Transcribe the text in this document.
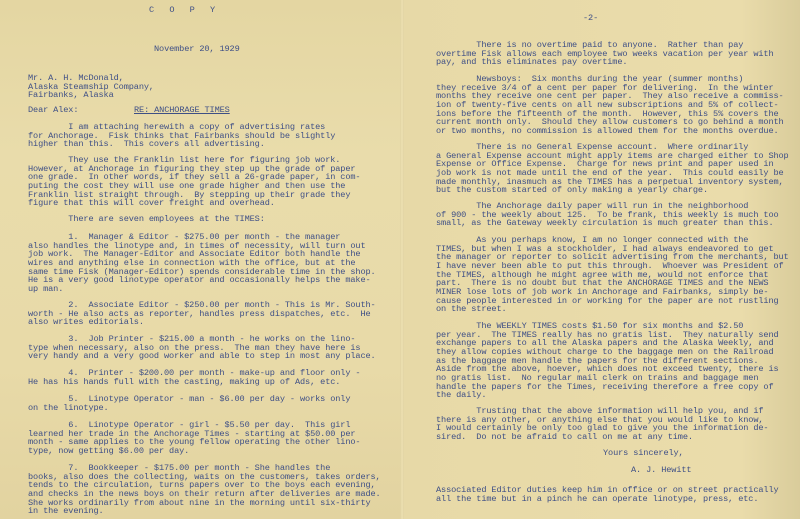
C O P Y
November 20, 1929
Mr. A. H. McDonald,
Alaska Steamship Company,
Fairbanks, Alaska
Dear Alex:	RE: ANCHORAGE TIMES
I am attaching herewith a copy of advertising rates
for Anchorage.  Fisk thinks that Fairbanks should be slightly
higher than this.  This covers all advertising.
They use the Franklin list here for figuring job work.
However, at Anchorage in figuring they step up the grade of paper
one grade.  In other words, if they sell a 26-grade paper, in com-
puting the cost they will use one grade higher and then use the
Franklin list straight through.  By stepping up their grade they
figure that this will cover freight and overhead.
There are seven employees at the TIMES:
1.  Manager & Editor - $275.00 per month - the manager
also handles the linotype and, in times of necessity, will turn out
job work.  The Manager-Editor and Associate Editor both handle the
wires and anything else in connection with the office, but at the
same time Fisk (Manager-Editor) spends considerable time in the shop.
He is a very good linotype operator and occasionally helps the make-
up man.
2.  Associate Editor - $250.00 per month - This is Mr. South-
worth - He also acts as reporter, handles press dispatches, etc.  He
also writes editorials.
3.  Job Printer - $215.00 a month - he works on the lino-
type when necessary, also on the press.  The man they have here is
very handy and a very good worker and able to step in most any place.
4.  Printer - $200.00 per month - make-up and floor only -
He has his hands full with the casting, making up of Ads, etc.
5.  Linotype Operator - man - $6.00 per day - works only
on the linotype.
6.  Linotype Operator - girl - $5.50 per day.  This girl
learned her trade in the Anchorage Times - starting at $50.00 per
month - same applies to the young fellow operating the other lino-
type, now getting $6.00 per day.
7.  Bookkeeper - $175.00 per month - She handles the
books, also does the collecting, waits on the customers, takes orders,
tends to the circulation, turns papers over to the boys each evening,
and checks in the news boys on their return after deliveries are made.
She works ordinarily from about nine in the morning until six-thirty
in the evening.
-2-
There is no overtime paid to anyone.  Rather than pay
overtime Fisk allows each employee two weeks vacation per year with
pay, and this eliminates pay overtime.
Newsboys:  Six months during the year (summer months)
they receive 3/4 of a cent per paper for delivering.  In the winter
months they receive one cent per paper.  They also receive a commiss-
ion of twenty-five cents on all new subscriptions and 5% of collect-
ions before the fifteenth of the month.  However, this 5% covers the
current month only.  Should they allow customers to go behind a month
or two months, no commission is allowed them for the months overdue.
There is no General Expense account.  Where ordinarily
a General Expense account might apply items are charged either to Shop
Expense or Office Expense.  Charge for news print and paper used in
job work is not made until the end of the year.  This could easily be
made monthly, inasmuch as the TIMES has a perpetual inventory system,
but the custom started of only making a yearly charge.
The Anchorage daily paper will run in the neighborhood
of 900 - the weekly about 125.  To be frank, this weekly is much too
small, as the Gateway weekly circulation is much greater than this.
As you perhaps know, I am no longer connected with the
TIMES, but when I was a stockholder, I had always endeavored to get
the manager or reporter to solicit advertising from the merchants, but
I have never been able to put this through.  Whoever was President of
the TIMES, although he might agree with me, would not enforce that
part.  There is no doubt but that the ANCHORAGE TIMES and the NEWS
MINER lose lots of job work in Anchorage and Fairbanks, simply be-
cause people interested in or working for the paper are not rustling
on the street.
The WEEKLY TIMES costs $1.50 for six months and $2.50
per year.  The TIMES really has no gratis list.  They naturally send
exchange papers to all the Alaska papers and the Alaska Weekly, and
they allow copies without charge to the baggage men on the Railroad
as the baggage men handle the papers for the different sections.
Aside from the above, hoever, which does not exceed twenty, there is
no gratis list.  No regular mail clerk on trains and baggage men
handle the papers for the Times, receiving therefore a free copy of
the daily.
Trusting that the above information will help you, and if
there is any other, or anything else that you would like to know,
I would certainly be only too glad to give you the information de-
sired.  Do not be afraid to call on me at any time.
Yours sincerely,
A. J. Hewitt
Associated Editor duties keep him in office or on street practically
all the time but in a pinch he can operate linotype, press, etc.
